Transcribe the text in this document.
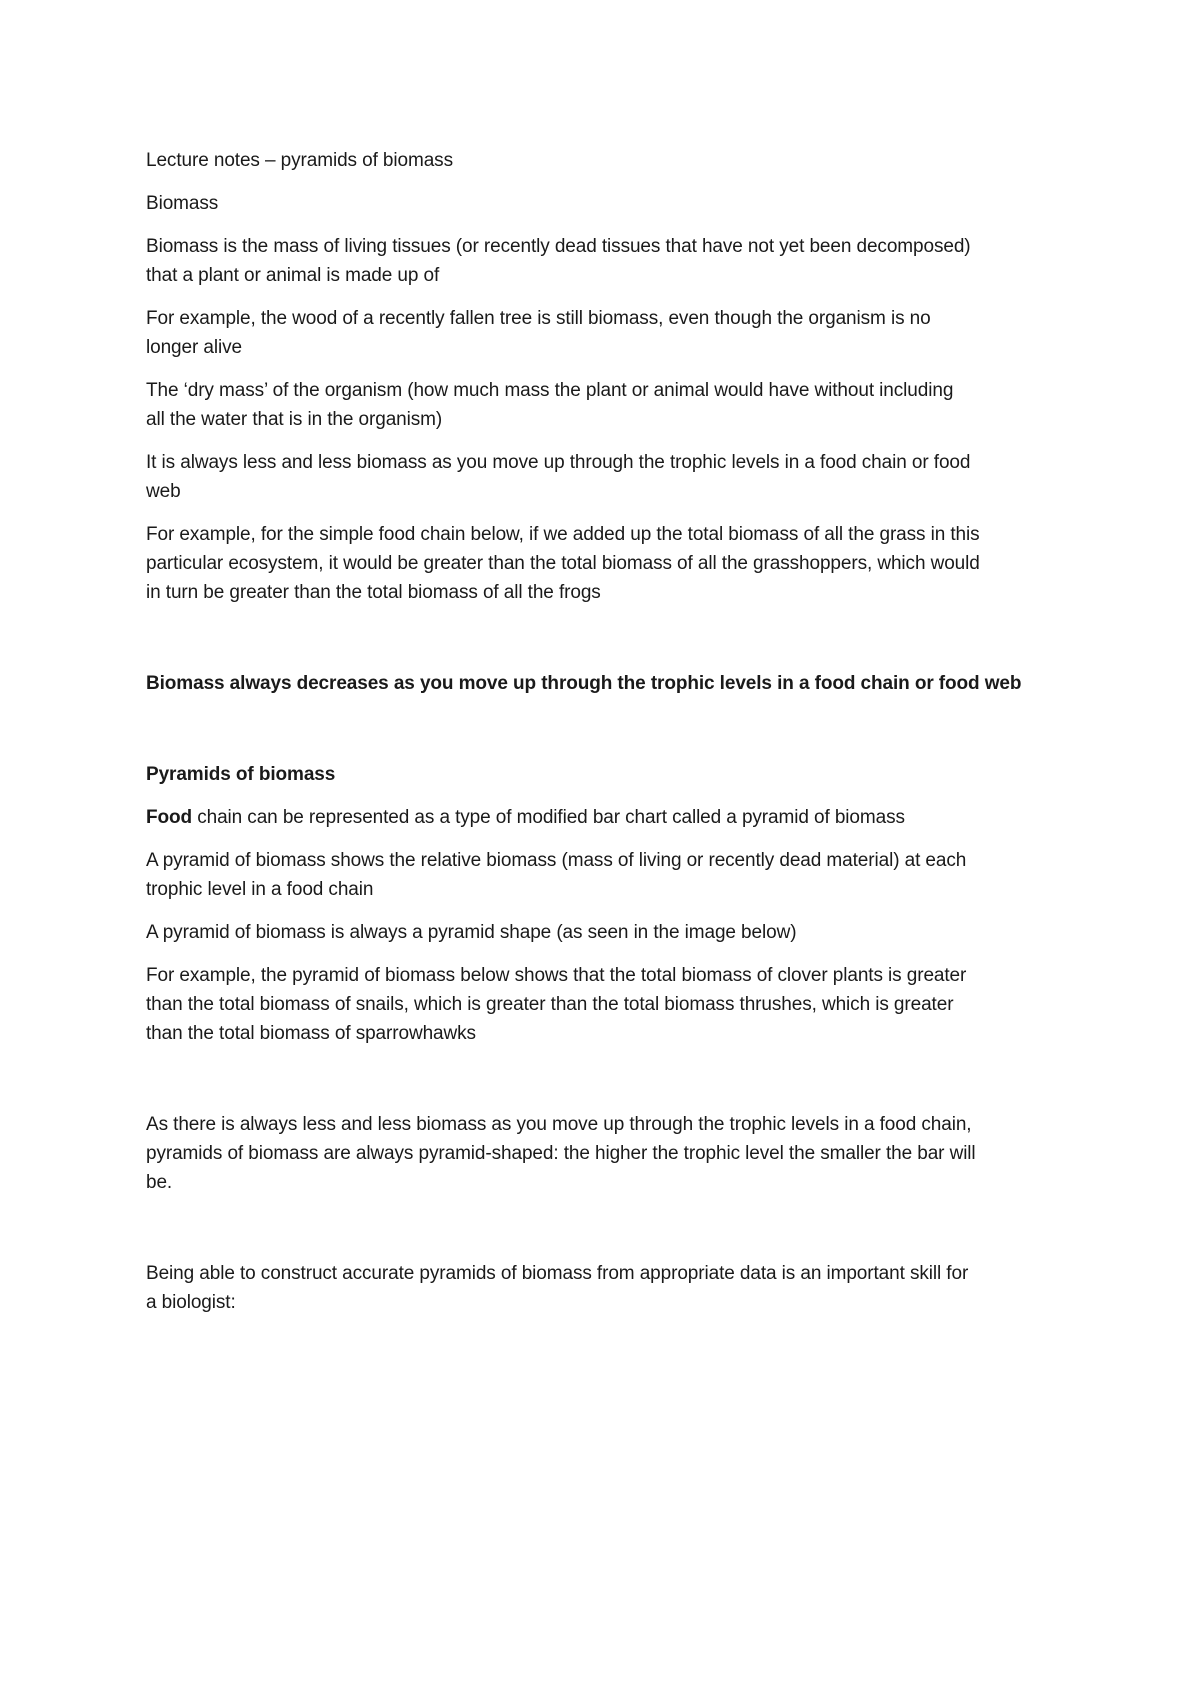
Lecture notes – pyramids of biomass

Biomass

Biomass is the mass of living tissues (or recently dead tissues that have not yet been decomposed)
that a plant or animal is made up of

For example, the wood of a recently fallen tree is still biomass, even though the organism is no
longer alive

The ‘dry mass’ of the organism (how much mass the plant or animal would have without including
all the water that is in the organism)

It is always less and less biomass as you move up through the trophic levels in a food chain or food
web

For example, for the simple food chain below, if we added up the total biomass of all the grass in this
particular ecosystem, it would be greater than the total biomass of all the grasshoppers, which would
in turn be greater than the total biomass of all the frogs

Biomass always decreases as you move up through the trophic levels in a food chain or food web

Pyramids of biomass

Food chain can be represented as a type of modified bar chart called a pyramid of biomass

A pyramid of biomass shows the relative biomass (mass of living or recently dead material) at each
trophic level in a food chain

A pyramid of biomass is always a pyramid shape (as seen in the image below)

For example, the pyramid of biomass below shows that the total biomass of clover plants is greater
than the total biomass of snails, which is greater than the total biomass thrushes, which is greater
than the total biomass of sparrowhawks

As there is always less and less biomass as you move up through the trophic levels in a food chain,
pyramids of biomass are always pyramid-shaped: the higher the trophic level the smaller the bar will
be.

Being able to construct accurate pyramids of biomass from appropriate data is an important skill for
a biologist:
